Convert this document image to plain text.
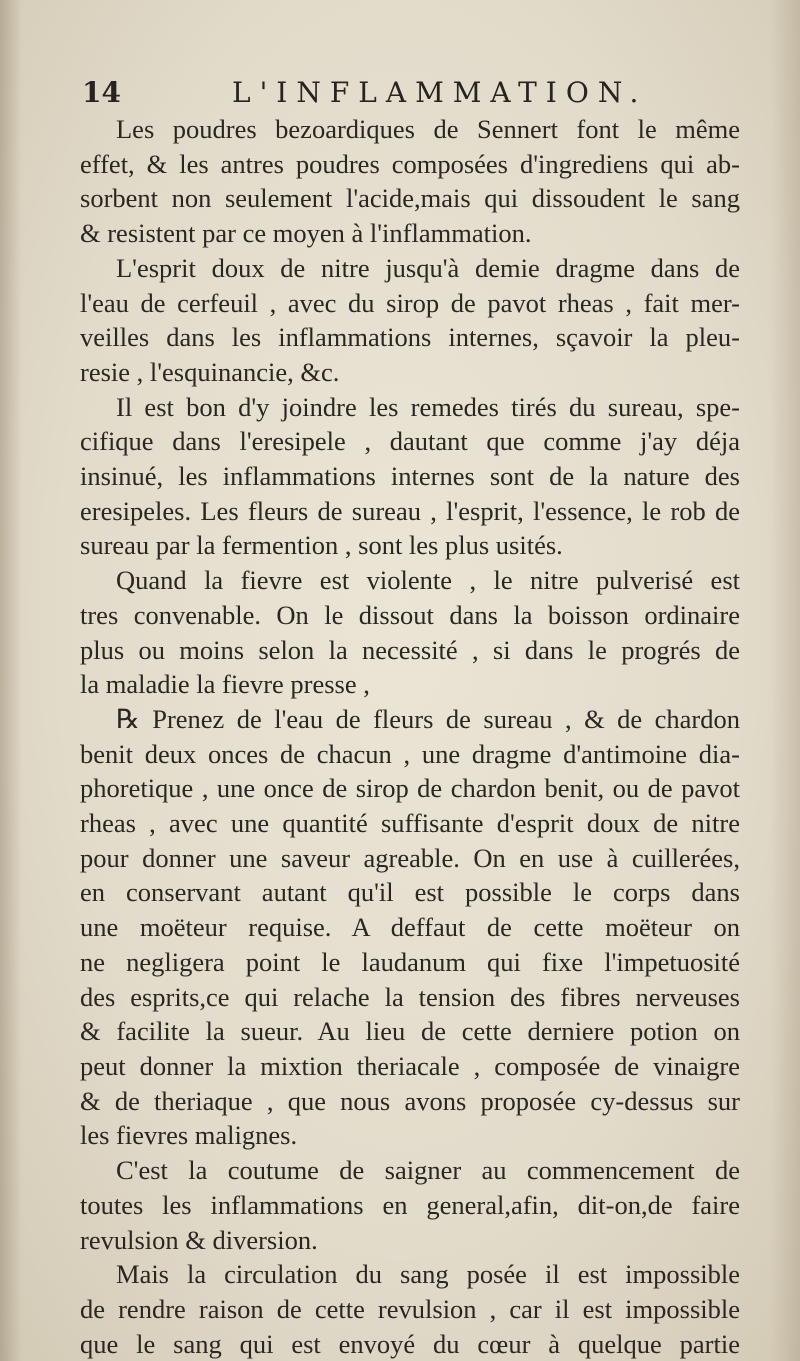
14	L'INFLAMMATION.
Les poudres bezoardiques de Sennert font le même
effet, & les antres poudres composées d'ingrediens qui ab-
sorbent non seulement l'acide,mais qui dissoudent le sang
& resistent par ce moyen à l'inflammation.
L'esprit doux de nitre jusqu'à demie dragme dans de
l'eau de cerfeuil , avec du sirop de pavot rheas , fait mer-
veilles dans les inflammations internes, sçavoir la pleu-
resie , l'esquinancie, &c.
Il est bon d'y joindre les remedes tirés du sureau, spe-
cifique dans l'eresipele , dautant que comme j'ay déja
insinué, les inflammations internes sont de la nature des
eresipeles. Les fleurs de sureau , l'esprit, l'essence, le rob de
sureau par la fermention , sont les plus usités.
Quand la fievre est violente , le nitre pulverisé est
tres convenable. On le dissout dans la boisson ordinaire
plus ou moins selon la necessité , si dans le progrés de
la maladie la fievre presse ,
℞ Prenez de l'eau de fleurs de sureau , & de chardon
benit deux onces de chacun , une dragme d'antimoine dia-
phoretique , une once de sirop de chardon benit, ou de pavot
rheas , avec une quantité suffisante d'esprit doux de nitre
pour donner une saveur agreable. On en use à cuillerées,
en conservant autant qu'il est possible le corps dans
une moëteur requise. A deffaut de cette moëteur on
ne negligera point le laudanum qui fixe l'impetuosité
des esprits,ce qui relache la tension des fibres nerveuses
& facilite la sueur. Au lieu de cette derniere potion on
peut donner la mixtion theriacale , composée de vinaigre
& de theriaque , que nous avons proposée cy-dessus sur
les fievres malignes.
C'est la coutume de saigner au commencement de
toutes les inflammations en general,afin, dit-on,de faire
revulsion & diversion.
Mais la circulation du sang posée il est impossible
de rendre raison de cette revulsion , car il est impossible
que le sang qui est envoyé du cœur à quelque partie
